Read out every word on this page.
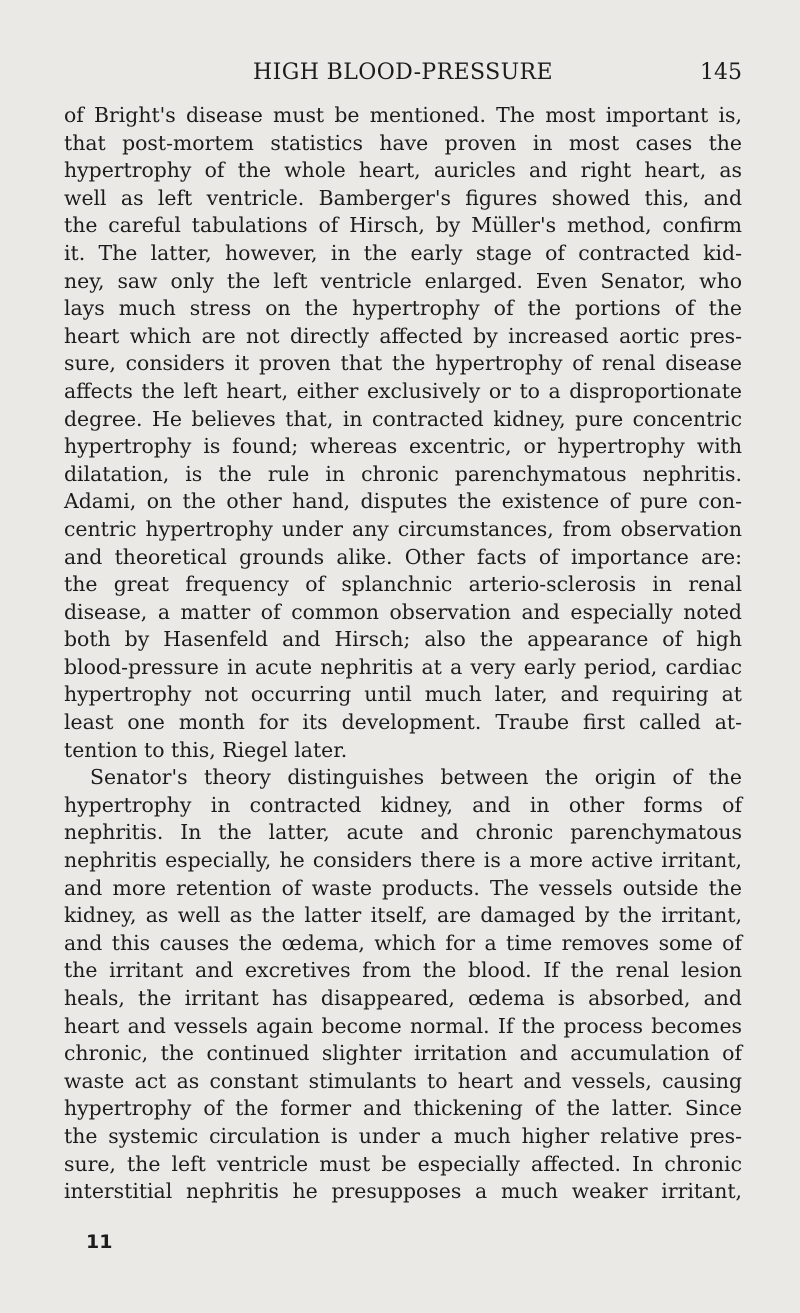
HIGH BLOOD-PRESSURE	145
of Bright's disease must be mentioned. The most important is,
that post-mortem statistics have proven in most cases the
hypertrophy of the whole heart, auricles and right heart, as
well as left ventricle. Bamberger's figures showed this, and
the careful tabulations of Hirsch, by Müller's method, confirm
it. The latter, however, in the early stage of contracted kid-
ney, saw only the left ventricle enlarged. Even Senator, who
lays much stress on the hypertrophy of the portions of the
heart which are not directly affected by increased aortic pres-
sure, considers it proven that the hypertrophy of renal disease
affects the left heart, either exclusively or to a disproportionate
degree. He believes that, in contracted kidney, pure concentric
hypertrophy is found; whereas excentric, or hypertrophy with
dilatation, is the rule in chronic parenchymatous nephritis.
Adami, on the other hand, disputes the existence of pure con-
centric hypertrophy under any circumstances, from observation
and theoretical grounds alike. Other facts of importance are:
the great frequency of splanchnic arterio-sclerosis in renal
disease, a matter of common observation and especially noted
both by Hasenfeld and Hirsch; also the appearance of high
blood-pressure in acute nephritis at a very early period, cardiac
hypertrophy not occurring until much later, and requiring at
least one month for its development. Traube first called at-
tention to this, Riegel later.
Senator's theory distinguishes between the origin of the
hypertrophy in contracted kidney, and in other forms of
nephritis. In the latter, acute and chronic parenchymatous
nephritis especially, he considers there is a more active irritant,
and more retention of waste products. The vessels outside the
kidney, as well as the latter itself, are damaged by the irritant,
and this causes the œdema, which for a time removes some of
the irritant and excretives from the blood. If the renal lesion
heals, the irritant has disappeared, œdema is absorbed, and
heart and vessels again become normal. If the process becomes
chronic, the continued slighter irritation and accumulation of
waste act as constant stimulants to heart and vessels, causing
hypertrophy of the former and thickening of the latter. Since
the systemic circulation is under a much higher relative pres-
sure, the left ventricle must be especially affected. In chronic
interstitial nephritis he presupposes a much weaker irritant,
11
